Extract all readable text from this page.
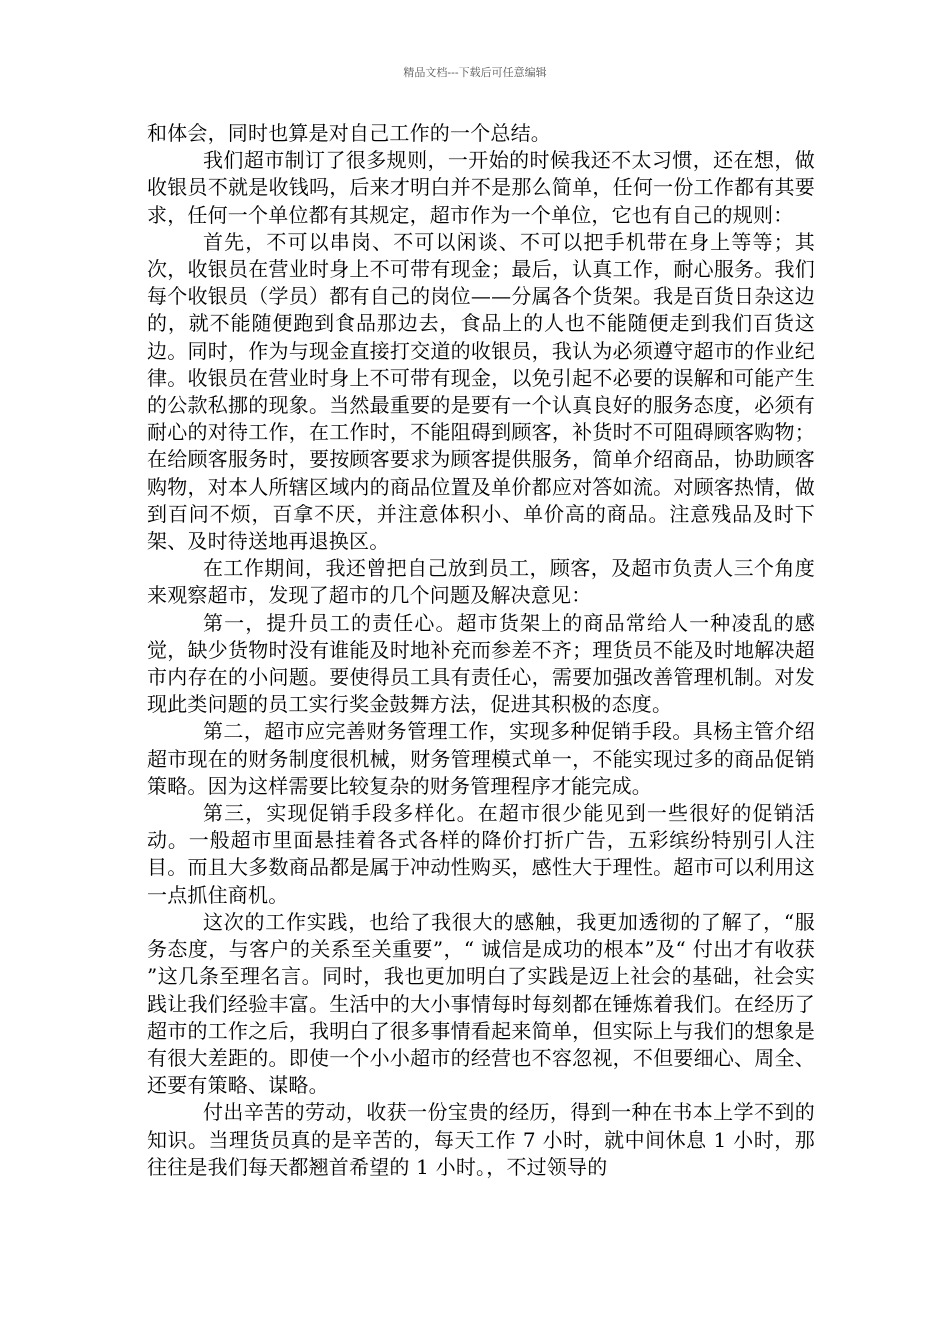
精品文档---下载后可任意编辑

和体会，同时也算是对自己工作的一个总结。

我们超市制订了很多规则，一开始的时候我还不太习惯，还在想，做收银员不就是收钱吗，后来才明白并不是那么简单，任何一份工作都有其要求，任何一个单位都有其规定，超市作为一个单位，它也有自己的规则：

首先，不可以串岗、不可以闲谈、不可以把手机带在身上等等；其次，收银员在营业时身上不可带有现金；最后，认真工作，耐心服务。我们每个收银员（学员）都有自己的岗位——分属各个货架。我是百货日杂这边的，就不能随便跑到食品那边去，食品上的人也不能随便走到我们百货这边。同时，作为与现金直接打交道的收银员，我认为必须遵守超市的作业纪律。收银员在营业时身上不可带有现金，以免引起不必要的误解和可能产生的公款私挪的现象。当然最重要的是要有一个认真良好的服务态度，必须有耐心的对待工作，在工作时，不能阻碍到顾客，补货时不可阻碍顾客购物；在给顾客服务时，要按顾客要求为顾客提供服务，简单介绍商品，协助顾客购物，对本人所辖区域内的商品位置及单价都应对答如流。对顾客热情，做到百问不烦，百拿不厌，并注意体积小、单价高的商品。注意残品及时下架、及时待送地再退换区。

在工作期间，我还曾把自己放到员工，顾客，及超市负责人三个角度来观察超市，发现了超市的几个问题及解决意见：

第一，提升员工的责任心。超市货架上的商品常给人一种凌乱的感觉，缺少货物时没有谁能及时地补充而参差不齐；理货员不能及时地解决超市内存在的小问题。要使得员工具有责任心，需要加强改善管理机制。对发现此类问题的员工实行奖金鼓舞方法，促进其积极的态度。

第二，超市应完善财务管理工作，实现多种促销手段。具杨主管介绍超市现在的财务制度很机械，财务管理模式单一，不能实现过多的商品促销策略。因为这样需要比较复杂的财务管理程序才能完成。

第三，实现促销手段多样化。在超市很少能见到一些很好的促销活动。一般超市里面悬挂着各式各样的降价打折广告，五彩缤纷特别引人注目。而且大多数商品都是属于冲动性购买，感性大于理性。超市可以利用这一点抓住商机。

这次的工作实践，也给了我很大的感触，我更加透彻的了解了，“服务态度，与客户的关系至关重要”，“ 诚信是成功的根本”及“ 付出才有收获 ”这几条至理名言。同时，我也更加明白了实践是迈上社会的基础，社会实践让我们经验丰富。生活中的大小事情每时每刻都在锤炼着我们。在经历了超市的工作之后，我明白了很多事情看起来简单，但实际上与我们的想象是有很大差距的。即使一个小小超市的经营也不容忽视，不但要细心、周全、还要有策略、谋略。

付出辛苦的劳动，收获一份宝贵的经历，得到一种在书本上学不到的知识。当理货员真的是辛苦的，每天工作 7 小时，就中间休息 1 小时，那往往是我们每天都翘首希望的 1 小时。，不过领导的
